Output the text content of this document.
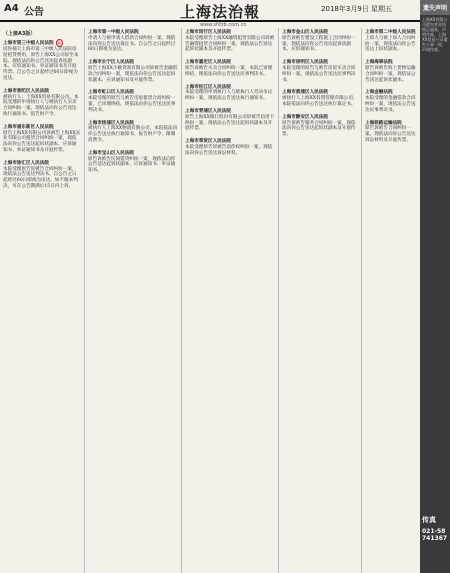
A4 公告	上海法治報	2018年3月9日 星期五
www.shfzb.com.cn
（上接A3版）
上海市第三中级人民法院 印
因你拖欠上海市第三中级人民法院房屋租赁费用，原告上海ⅩⅩ公司诉至本院。现依法向你公告送达起诉状副本、应诉通知书、举证通知书及开庭传票。自公告之日起经过60日即视为送达。
上海市普陀区人民法院
被执行人：上海ⅩⅩ贸易有限公司。本院受理的申请执行人与被执行人买卖合同纠纷一案，现依法向你公告送达执行通知书、报告财产令。
上海市浦东新区人民法院
原告上海ⅩⅩ有限公司诉被告上海ⅩⅩ实业有限公司租赁合同纠纷一案，现依法向你公告送达起诉状副本、应诉通知书、举证通知书及开庭传票。
上海市徐汇区人民法院
本院受理原告诉被告合同纠纷一案，现依法公告送达判决书。自公告之日起经过60日即视为送达。如不服本判决，可在公告期满后15日内上诉。
上海市第一中级人民法院
申请人与被申请人借款合同纠纷一案，现依法向你公告送达裁定书。自公告之日起经过60日即视为送达。
上海市长宁区人民法院
原告上海ⅩⅩ小额贷款有限公司诉被告金融借款合同纠纷一案，现依法向你公告送达起诉状副本、应诉通知书及开庭传票。
上海市虹口区人民法院
本院受理的原告与被告房屋租赁合同纠纷一案，已审理终结。现依法向你公告送达民事判决书。
上海市杨浦区人民法院
被执行人上海ⅩⅩ物流有限公司，本院依法向你公告送达执行通知书、报告财产令、限制消费令。
上海市宝山区人民法院
原告诉被告民间借贷纠纷一案，现依法向你公告送达起诉状副本、应诉通知书、举证通知书。
上海市闵行区人民法院
本院受理原告上海ⅩⅩ融资租赁有限公司诉被告融资租赁合同纠纷一案，现依法公告送达起诉状副本及开庭传票。
上海市嘉定区人民法院
原告诉被告买卖合同纠纷一案，本院已审理终结，现依法向你公告送达民事判决书。
上海市松江区人民法院
本院受理的申请执行人与被执行人劳动争议纠纷一案，现依法公告送达执行通知书。
上海市青浦区人民法院
原告上海ⅩⅩ银行股份有限公司诉被告信用卡纠纷一案，现依法公告送达起诉状副本及开庭传票。
上海市奉贤区人民法院
本院受理原告诉被告追偿权纠纷一案，现依法向你公告送达诉讼材料。
上海市金山区人民法院
原告诉被告建设工程施工合同纠纷一案，现依法向你公告送达起诉状副本、应诉通知书。
上海市崇明区人民法院
本院受理的原告与被告房屋买卖合同纠纷一案，现依法公告送达民事判决书。
上海市黄浦区人民法院
被执行人上海ⅩⅩ投资管理有限公司，本院依法向你公告送达执行裁定书。
上海市静安区人民法院
原告诉被告服务合同纠纷一案，现依法向你公告送达起诉状副本及开庭传票。
上海市第二中级人民法院
上诉人与被上诉人合同纠纷一案，现依法向你公告送达上诉状副本。
上海海事法院
原告诉被告海上货物运输合同纠纷一案，现依法公告送达起诉状副本。
上海金融法院
本院受理的金融借款合同纠纷一案，现依法公告送达民事判决书。
上海铁路运输法院
原告诉被告合同纠纷一案，现依法向你公告送达诉讼材料及开庭传票。
遗失声明
上海ⅩⅩ有限公司遗失营业执照正副本，声明作废。上海ⅩⅩ贸易公司遗失公章一枚，声明作废。
传真
021-58741367
